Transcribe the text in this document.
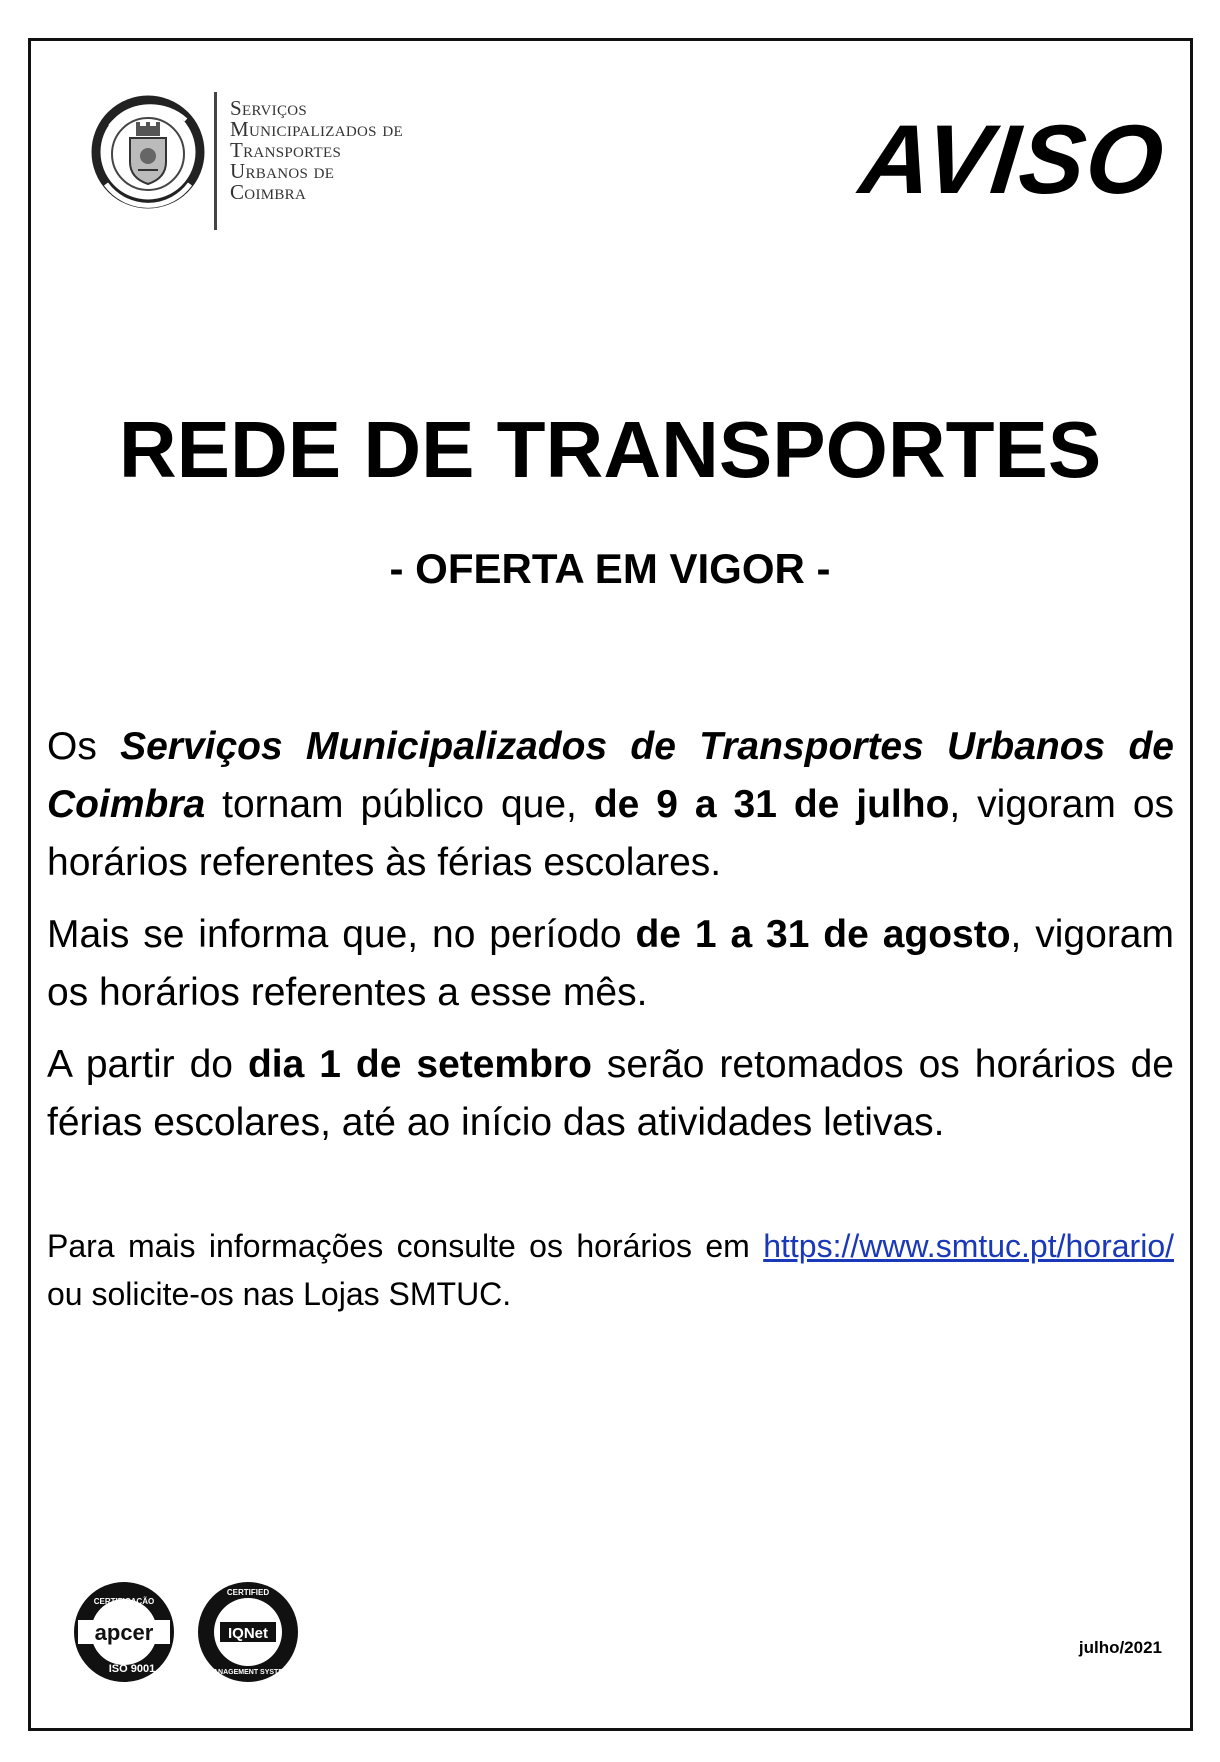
Serviços
Municipalizados de
Transportes
Urbanos de
Coimbra	AVISO
REDE DE TRANSPORTES
- OFERTA EM VIGOR -
Os Serviços Municipalizados de Transportes Urbanos de Coimbra tornam público que, de 9 a 31 de julho, vigoram os horários referentes às férias escolares.
Mais se informa que, no período de 1 a 31 de agosto, vigoram os horários referentes a esse mês.
A partir do dia 1 de setembro serão retomados os horários de férias escolares, até ao início das atividades letivas.
Para mais informações consulte os horários em https://www.smtuc.pt/horario/ ou solicite-os nas Lojas SMTUC.
apcer
CERTIFICAÇÃO
ISO 9001
IQNet
CERTIFIED
MANAGEMENT SYSTEM
julho/2021
